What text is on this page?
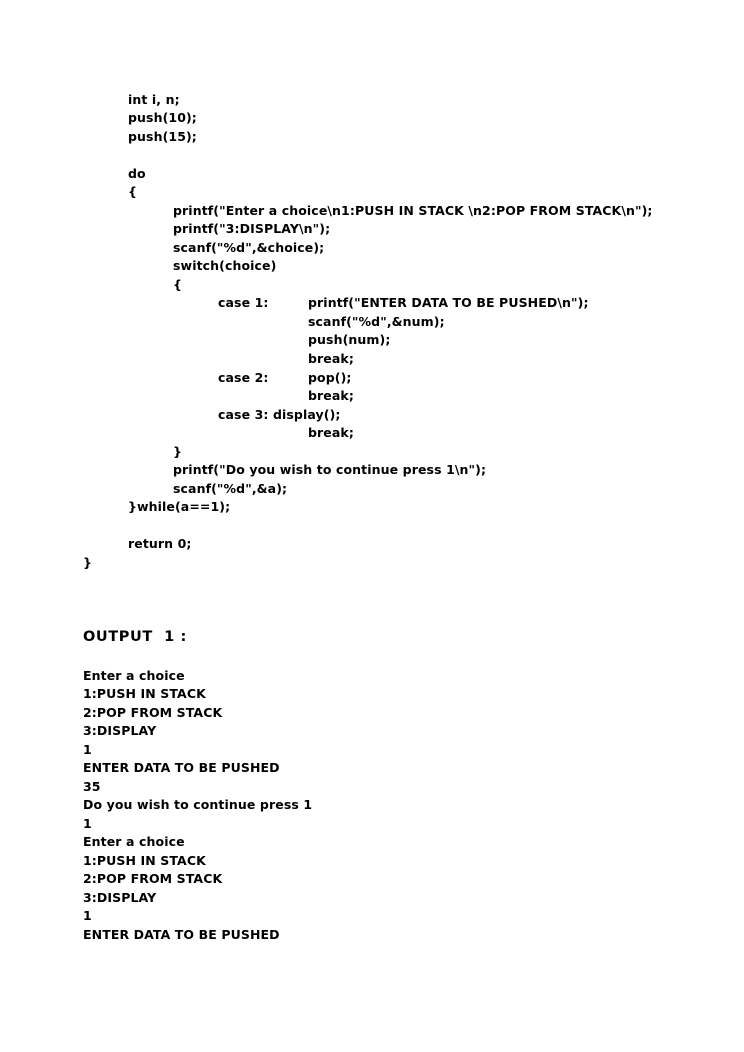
int i, n;
push(10);
push(15);
do
{
printf("Enter a choice\n1:PUSH IN STACK \n2:POP FROM STACK\n");
printf("3:DISPLAY\n");
scanf("%d",&choice);
switch(choice)
{
case 1:	printf("ENTER DATA TO BE PUSHED\n");
scanf("%d",&num);
push(num);
break;
case 2:	pop();
break;
case 3: display();
break;
}
printf("Do you wish to continue press 1\n");
scanf("%d",&a);
}while(a==1);
return 0;
}
OUTPUT  1 :
Enter a choice
1:PUSH IN STACK
2:POP FROM STACK
3:DISPLAY
1
ENTER DATA TO BE PUSHED
35
Do you wish to continue press 1
1
Enter a choice
1:PUSH IN STACK
2:POP FROM STACK
3:DISPLAY
1
ENTER DATA TO BE PUSHED
